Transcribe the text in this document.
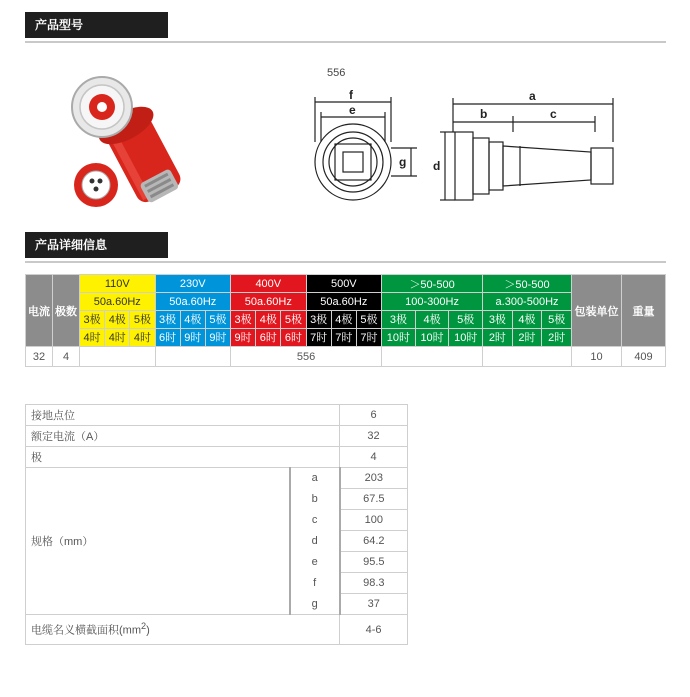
产品型号
556
f
e
g
a
b	c
d
产品详细信息
电流	极数	110V			230V			400V			500V			＞50-500			＞50-500			包装单位	重量
		50a.60Hz			50a.60Hz			50a.60Hz			50a.60Hz			100-300Hz			a.300-500Hz				
		3极	4极	5极	3极	4极	5极	3极	4极	5极	3极	4极	5极	3极	4极	5极	3极	4极	5极		
		4时	4时	4时	6时	9时	9时	9时	6时	6时	7时	7时	7时	10时	10时	10时	2时	2时	2时		
32	4							556												10	409
接地点位		6
额定电流（A）		32
极		4
规格（mm）	a	203
	b	67.5
	c	100
	d	64.2
	e	95.5
	f	98.3
	g	37
电缆名义横截面积$(mm^2)$		4-6
